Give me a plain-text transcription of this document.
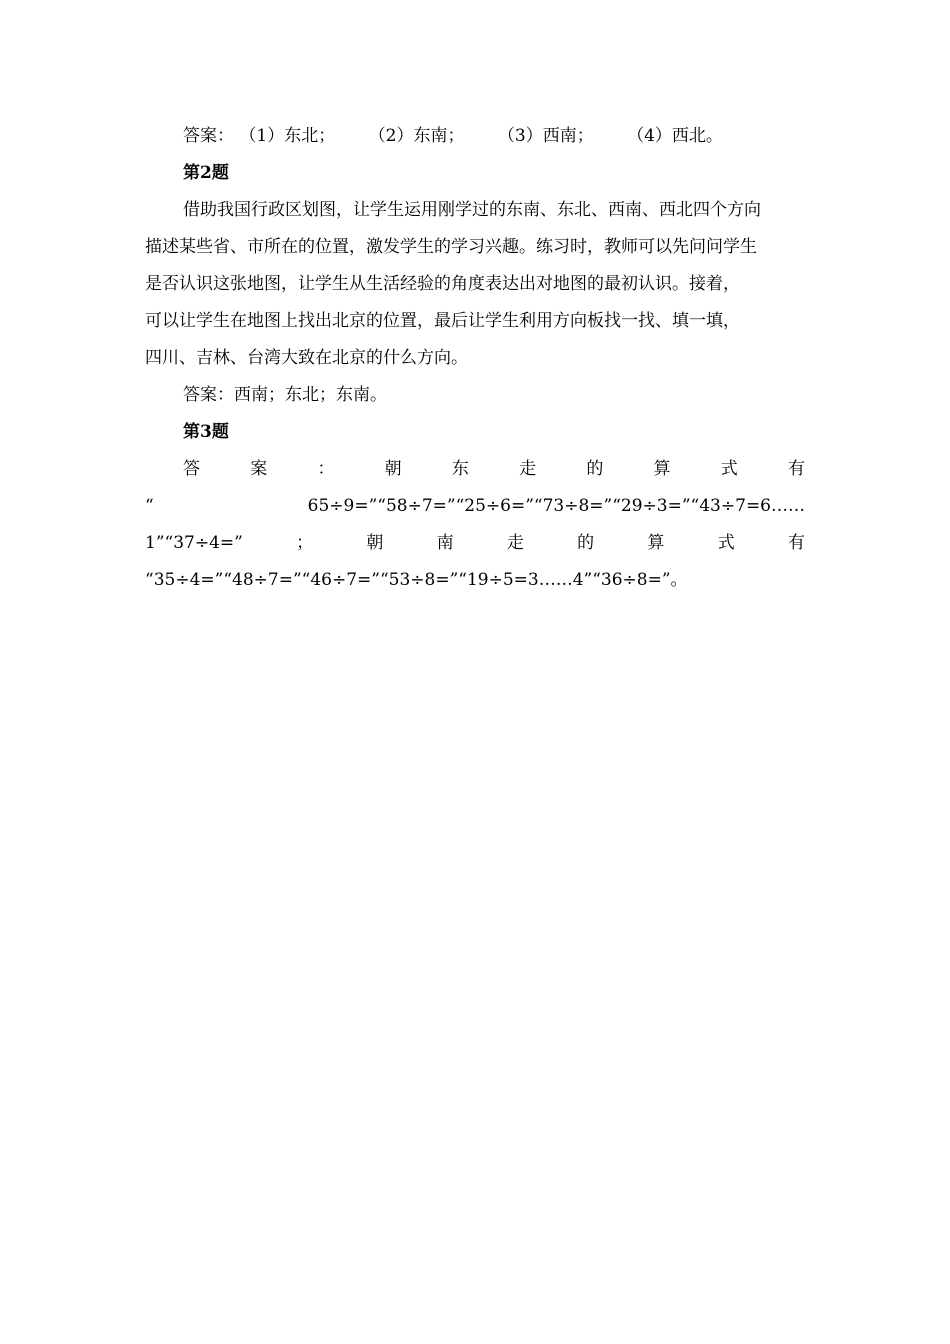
答案： （1）东北； （2）东南； （3）西南； （4）西北。
第2题
借助我国行政区划图，让学生运用刚学过的东南、东北、西南、西北四个方向
描述某些省、市所在的位置，激发学生的学习兴趣。练习时，教师可以先问问学生
是否认识这张地图，让学生从生活经验的角度表达出对地图的最初认识。接着，
可以让学生在地图上找出北京的位置，最后让学生利用方向板找一找、填一填，
四川、吉林、台湾大致在北京的什么方向。
答案：西南；东北；东南。
第3题
答	案	：	朝	东	走	的	算	式	有
“	65÷9=”“58÷7=”“25÷6=”“73÷8=”“29÷3=”“43÷7=6……
1”“37÷4=”	；	朝	南	走	的	算	式	有
“35÷4=”“48÷7=”“46÷7=”“53÷8=”“19÷5=3……4”“36÷8=”。
